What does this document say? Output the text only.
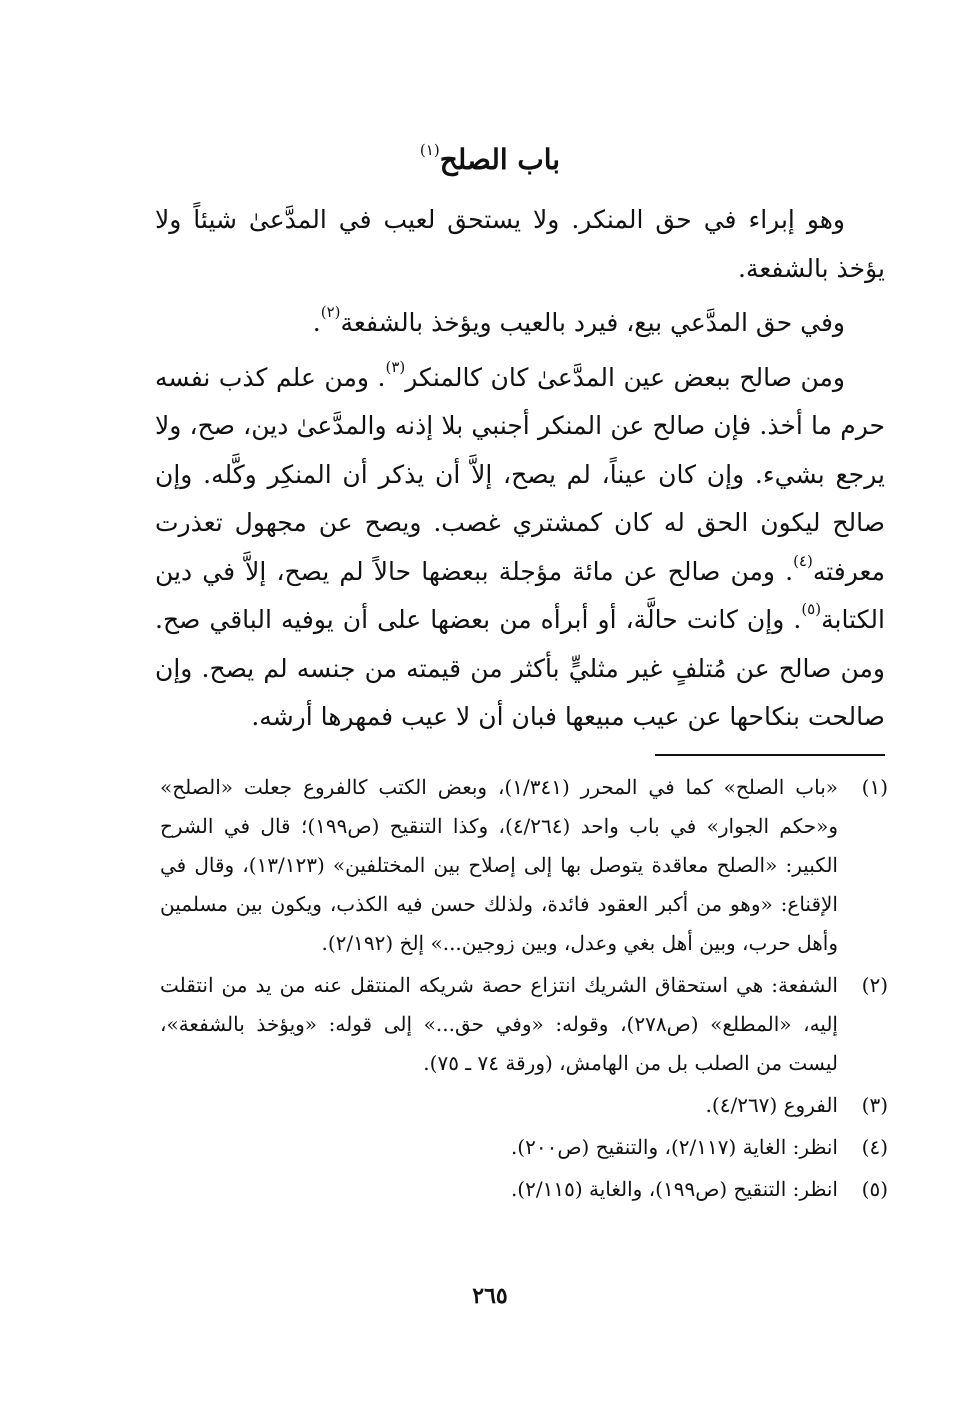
باب الصلح$^{(١)}$

وهو إبراء في حق المنكر. ولا يستحق لعيب في المدَّعىٰ شيئاً ولا يؤخذ بالشفعة.

وفي حق المدَّعي بيع، فيرد بالعيب ويؤخذ بالشفعة$^{(٢)}$.

ومن صالح ببعض عين المدَّعىٰ كان كالمنكر$^{(٣)}$. ومن علم كذب نفسه حرم ما أخذ. فإن صالح عن المنكر أجنبي بلا إذنه والمدَّعىٰ دين، صح، ولا يرجع بشيء. وإن كان عيناً، لم يصح، إلاَّ أن يذكر أن المنكِر وكَّله. وإن صالح ليكون الحق له كان كمشتري غصب. ويصح عن مجهول تعذرت معرفته$^{(٤)}$. ومن صالح عن مائة مؤجلة ببعضها حالاً لم يصح، إلاَّ في دين الكتابة$^{(٥)}$. وإن كانت حالَّة، أو أبرأه من بعضها على أن يوفيه الباقي صح. ومن صالح عن مُتلفٍ غير مثليٍّ بأكثر من قيمته من جنسه لم يصح. وإن صالحت بنكاحها عن عيب مبيعها فبان أن لا عيب فمهرها أرشه.

(١)
«باب الصلح» كما في المحرر (١/٣٤١)، وبعض الكتب كالفروع جعلت «الصلح» و«حكم الجوار» في باب واحد (٤/٢٦٤)، وكذا التنقيح (ص١٩٩)؛ قال في الشرح الكبير: «الصلح معاقدة يتوصل بها إلى إصلاح بين المختلفين» (١٣/١٢٣)، وقال في الإقناع: «وهو من أكبر العقود فائدة، ولذلك حسن فيه الكذب، ويكون بين مسلمين وأهل حرب، وبين أهل بغي وعدل، وبين زوجين...» إلخ (٢/١٩٢).
(٢)
الشفعة: هي استحقاق الشريك انتزاع حصة شريكه المنتقل عنه من يد من انتقلت إليه، «المطلع» (ص٢٧٨)، وقوله: «وفي حق...» إلى قوله: «ويؤخذ بالشفعة»، ليست من الصلب بل من الهامش، (ورقة ٧٤ ـ ٧٥).
(٣)
الفروع (٤/٢٦٧).
(٤)
انظر: الغاية (٢/١١٧)، والتنقيح (ص٢٠٠).
(٥)
انظر: التنقيح (ص١٩٩)، والغاية (٢/١١٥).
٢٦٥
